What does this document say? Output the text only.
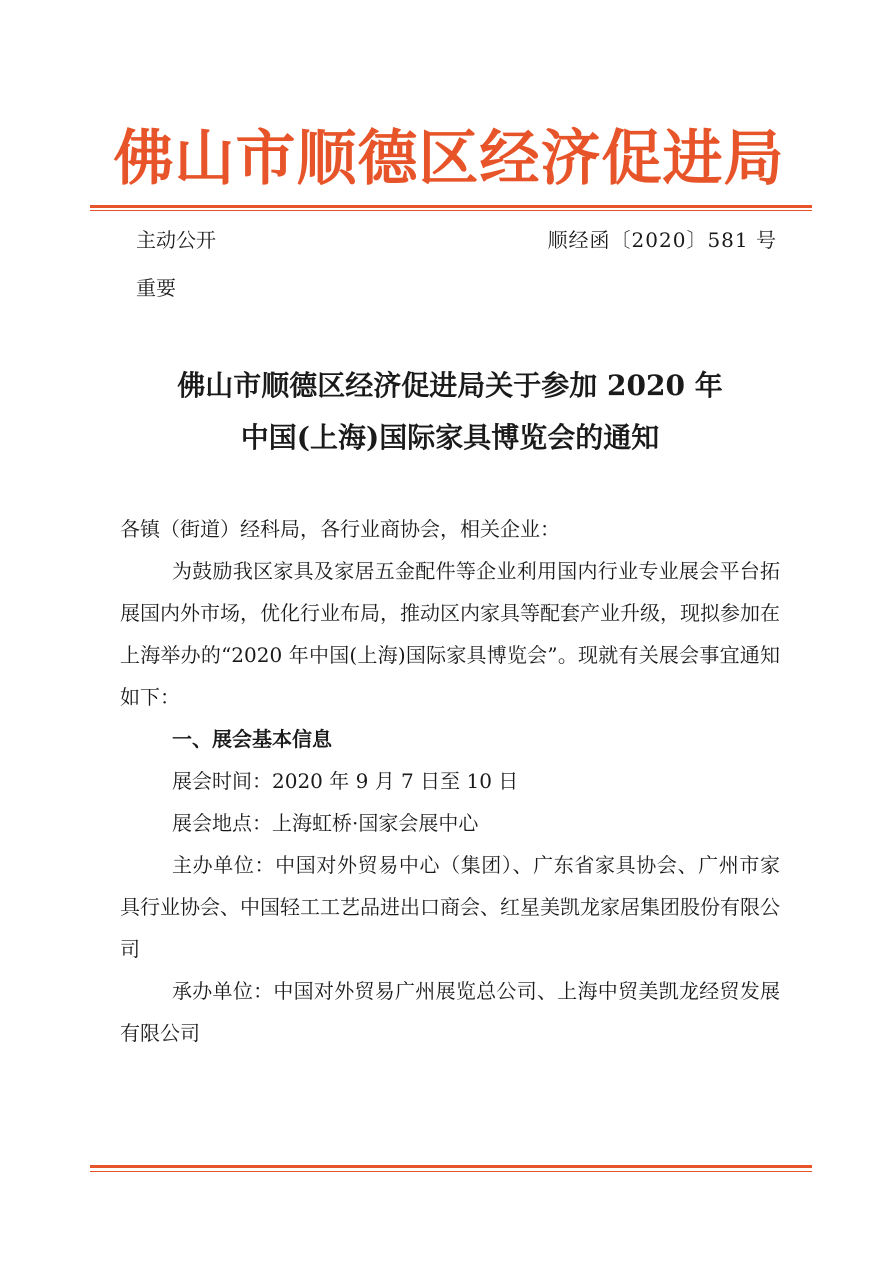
佛山市顺德区经济促进局
主动公开	顺经函〔2020〕581 号
重要
佛山市顺德区经济促进局关于参加 2020 年
中国(上海)国际家具博览会的通知

各镇（街道）经科局，各行业商协会，相关企业：

为鼓励我区家具及家居五金配件等企业利用国内行业专业展会平台拓展国内外市场，优化行业布局，推动区内家具等配套产业升级，现拟参加在上海举办的“2020 年中国(上海)国际家具博览会”。现就有关展会事宜通知如下：

一、展会基本信息

展会时间：2020 年 9 月 7 日至 10 日

展会地点：上海虹桥·国家会展中心

主办单位：中国对外贸易中心（集团）、广东省家具协会、广州市家具行业协会、中国轻工工艺品进出口商会、红星美凯龙家居集团股份有限公司

承办单位：中国对外贸易广州展览总公司、上海中贸美凯龙经贸发展有限公司
